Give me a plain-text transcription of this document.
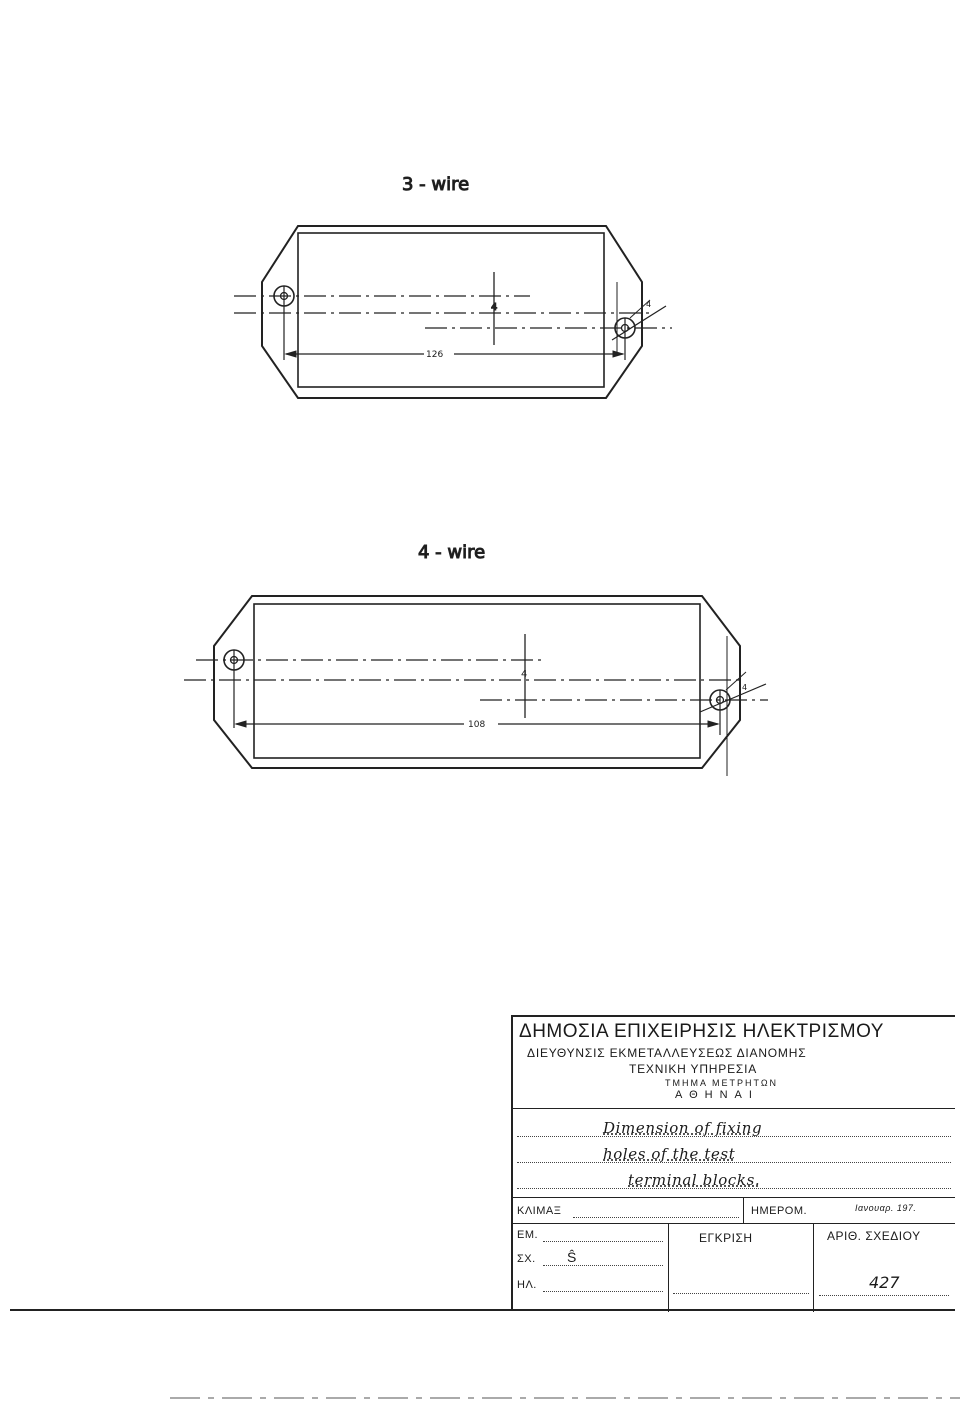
3 - wire
4
126
4
4 - wire
4
108
4
ΔΗΜΟΣΙΑ ΕΠΙΧΕΙΡΗΣΙΣ ΗΛΕΚΤΡΙΣΜΟΥ
ΔΙΕΥΘΥΝΣΙΣ ΕΚΜΕΤΑΛΛΕΥΣΕΩΣ ΔΙΑΝΟΜΗΣ
ΤΕΧΝΙΚΗ ΥΠΗΡΕΣΙΑ
ΤΜΗΜΑ ΜΕΤΡΗΤΩΝ
ΑΘΗΝΑΙ
Dimension of fixing
holes of the test
terminal blocks.
ΚΛΙΜΑΞ	ΗΜΕΡΟΜ.	Ιανουαρ. 197.
ΕΜ.
ΣΧ. Ŝ
ΗΛ.
ΕΓΚΡΙΣΗ	ΑΡΙΘ. ΣΧΕΔΙΟΥ
427
